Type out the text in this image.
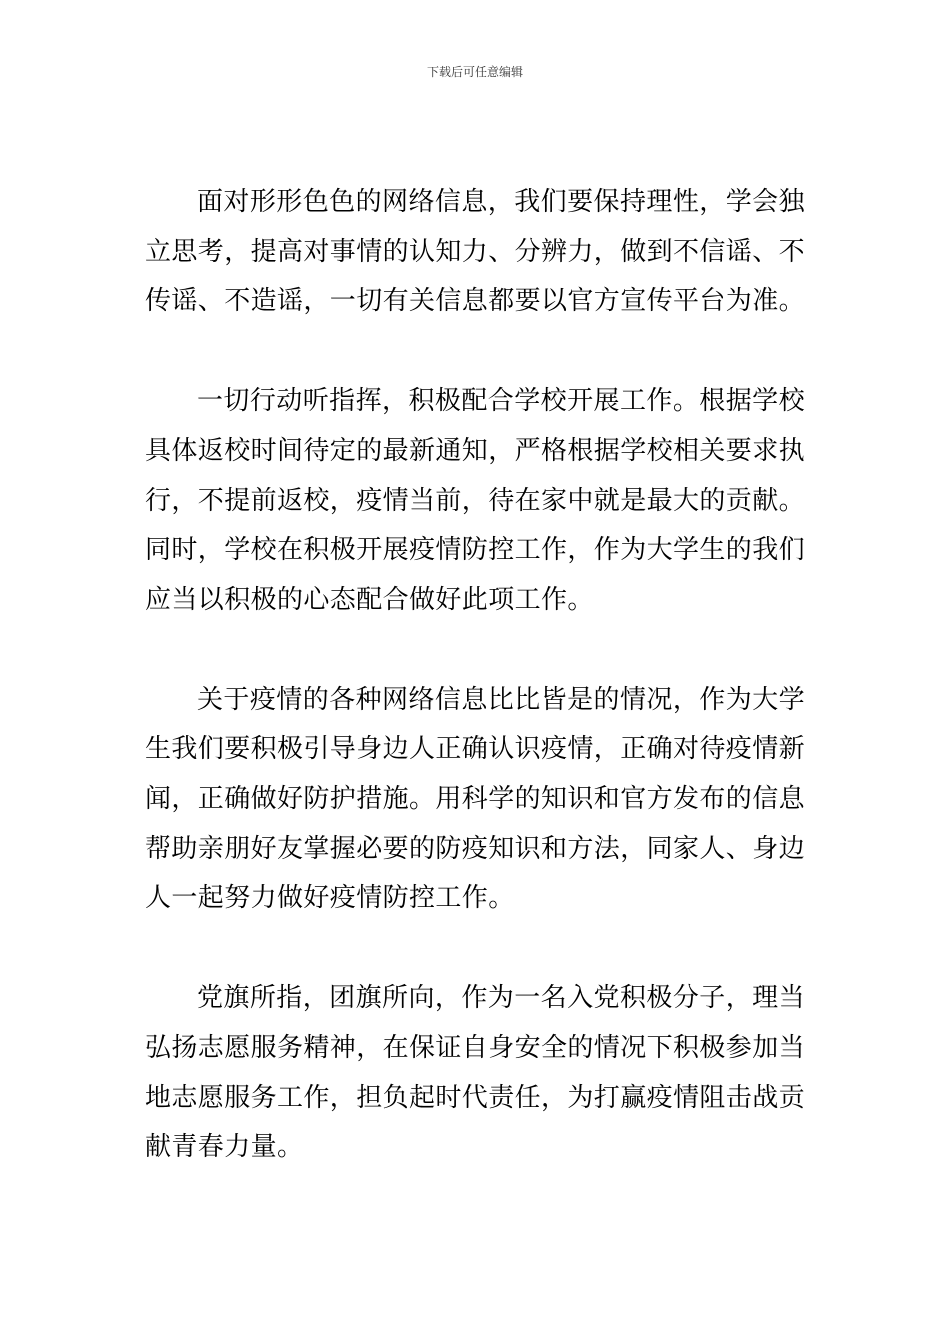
下载后可任意编辑

面对形形色色的网络信息，我们要保持理性，学会独立思考，提高对事情的认知力、分辨力，做到不信谣、不传谣、不造谣，一切有关信息都要以官方宣传平台为准。

一切行动听指挥，积极配合学校开展工作。根据学校具体返校时间待定的最新通知，严格根据学校相关要求执行，不提前返校，疫情当前，待在家中就是最大的贡献。同时，学校在积极开展疫情防控工作，作为大学生的我们应当以积极的心态配合做好此项工作。

关于疫情的各种网络信息比比皆是的情况，作为大学生我们要积极引导身边人正确认识疫情，正确对待疫情新闻，正确做好防护措施。用科学的知识和官方发布的信息帮助亲朋好友掌握必要的防疫知识和方法，同家人、身边人一起努力做好疫情防控工作。

党旗所指，团旗所向，作为一名入党积极分子，理当弘扬志愿服务精神，在保证自身安全的情况下积极参加当地志愿服务工作，担负起时代责任，为打赢疫情阻击战贡献青春力量。
